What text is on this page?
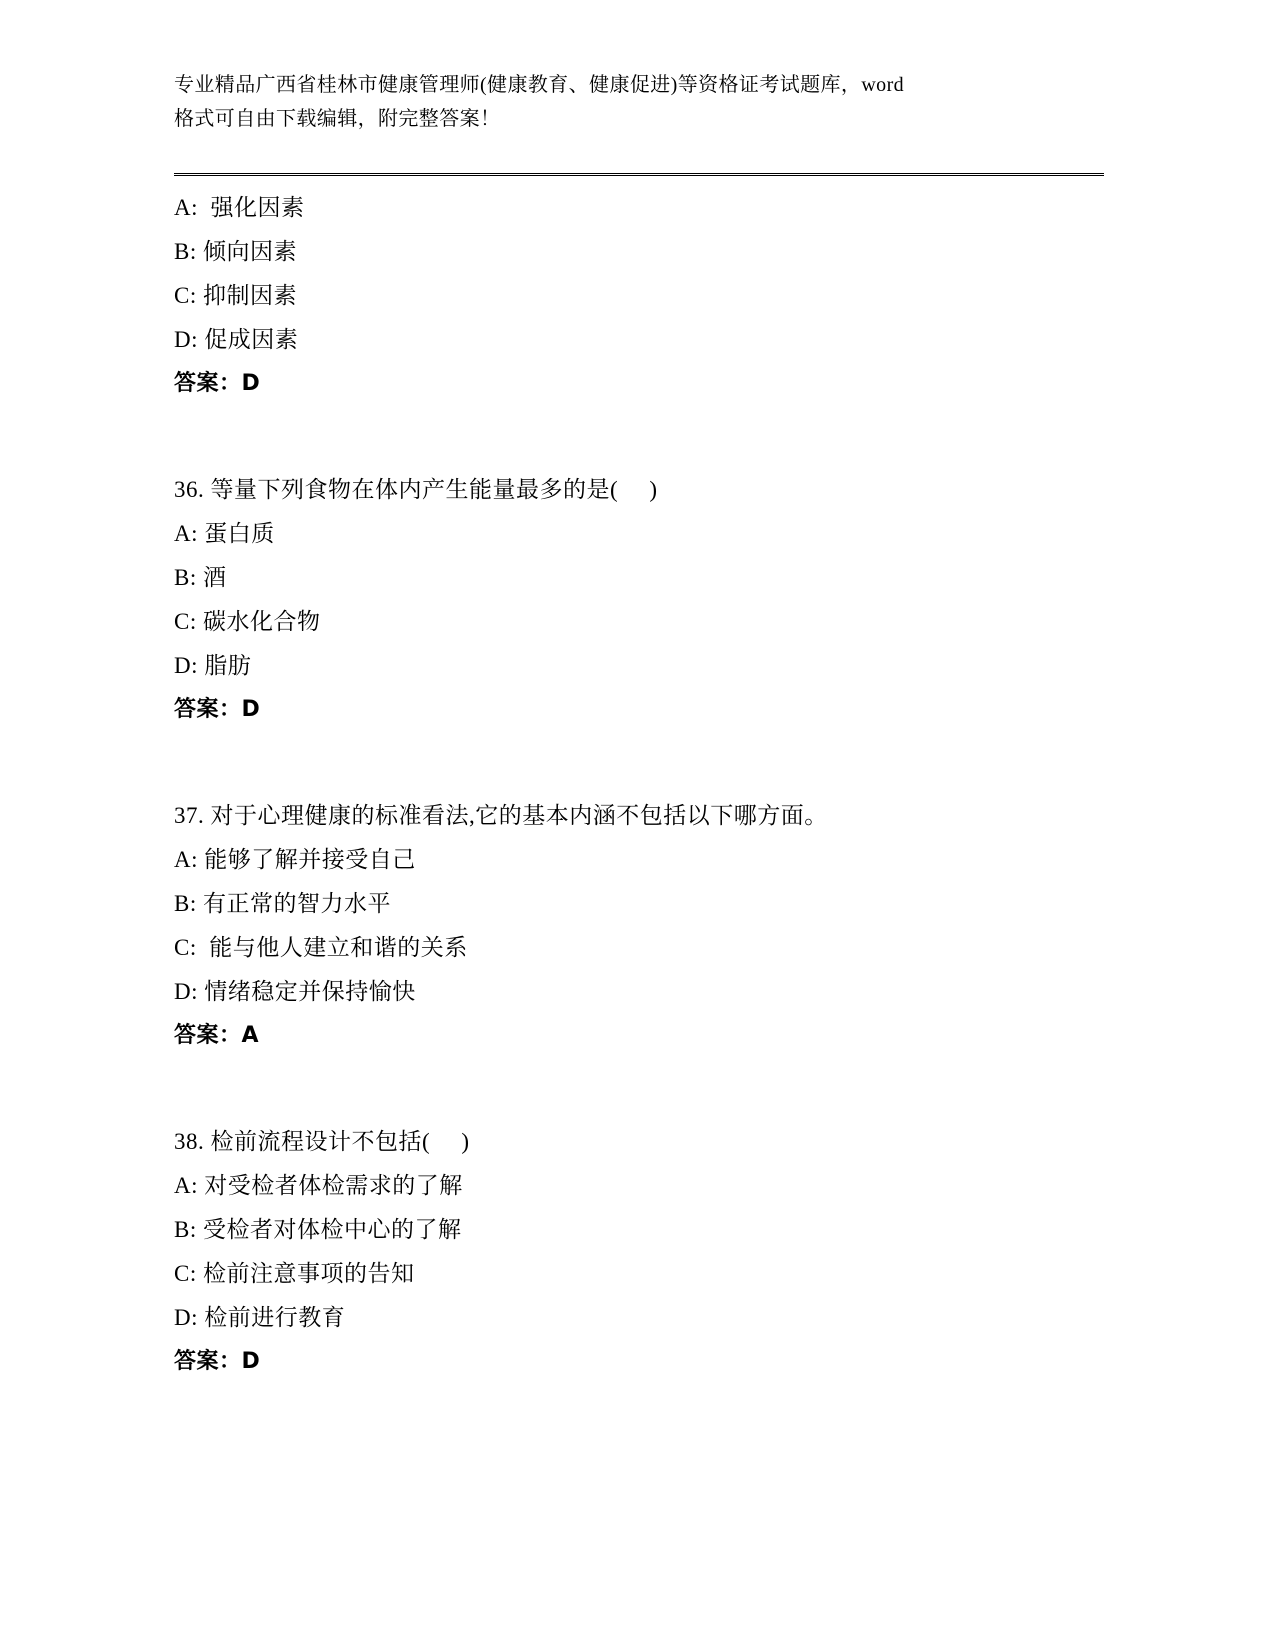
专业精品广西省桂林市健康管理师(健康教育、健康促进)等资格证考试题库，word
格式可自由下载编辑，附完整答案！
A:  强化因素
B: 倾向因素
C: 抑制因素
D: 促成因素
答案：D
36. 等量下列食物在体内产生能量最多的是(     )
A: 蛋白质
B: 酒
C: 碳水化合物
D: 脂肪
答案：D
37. 对于心理健康的标准看法,它的基本内涵不包括以下哪方面。
A: 能够了解并接受自己
B: 有正常的智力水平
C:  能与他人建立和谐的关系
D: 情绪稳定并保持愉快
答案：A
38. 检前流程设计不包括(     )
A: 对受检者体检需求的了解
B: 受检者对体检中心的了解
C: 检前注意事项的告知
D: 检前进行教育
答案：D
